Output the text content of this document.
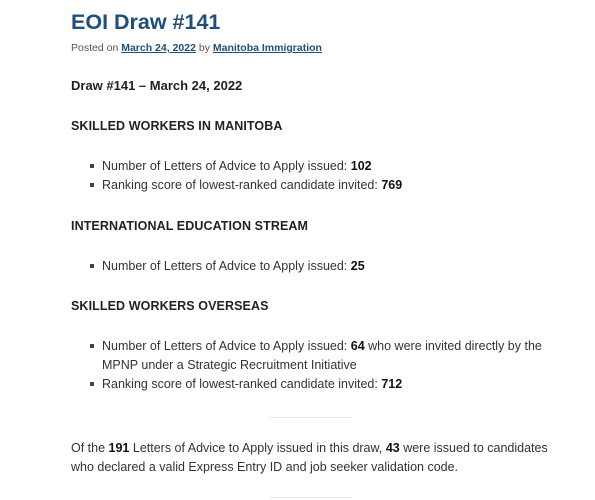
EOI Draw #141
Posted on March 24, 2022 by Manitoba Immigration
Draw #141 – March 24, 2022
SKILLED WORKERS IN MANITOBA
Number of Letters of Advice to Apply issued: 102
Ranking score of lowest-ranked candidate invited: 769
INTERNATIONAL EDUCATION STREAM
Number of Letters of Advice to Apply issued: 25
SKILLED WORKERS OVERSEAS
Number of Letters of Advice to Apply issued: 64 who were invited directly by the MPNP under a Strategic Recruitment Initiative
Ranking score of lowest-ranked candidate invited: 712

Of the 191 Letters of Advice to Apply issued in this draw, 43 were issued to candidates who declared a valid Express Entry ID and job seeker validation code.
